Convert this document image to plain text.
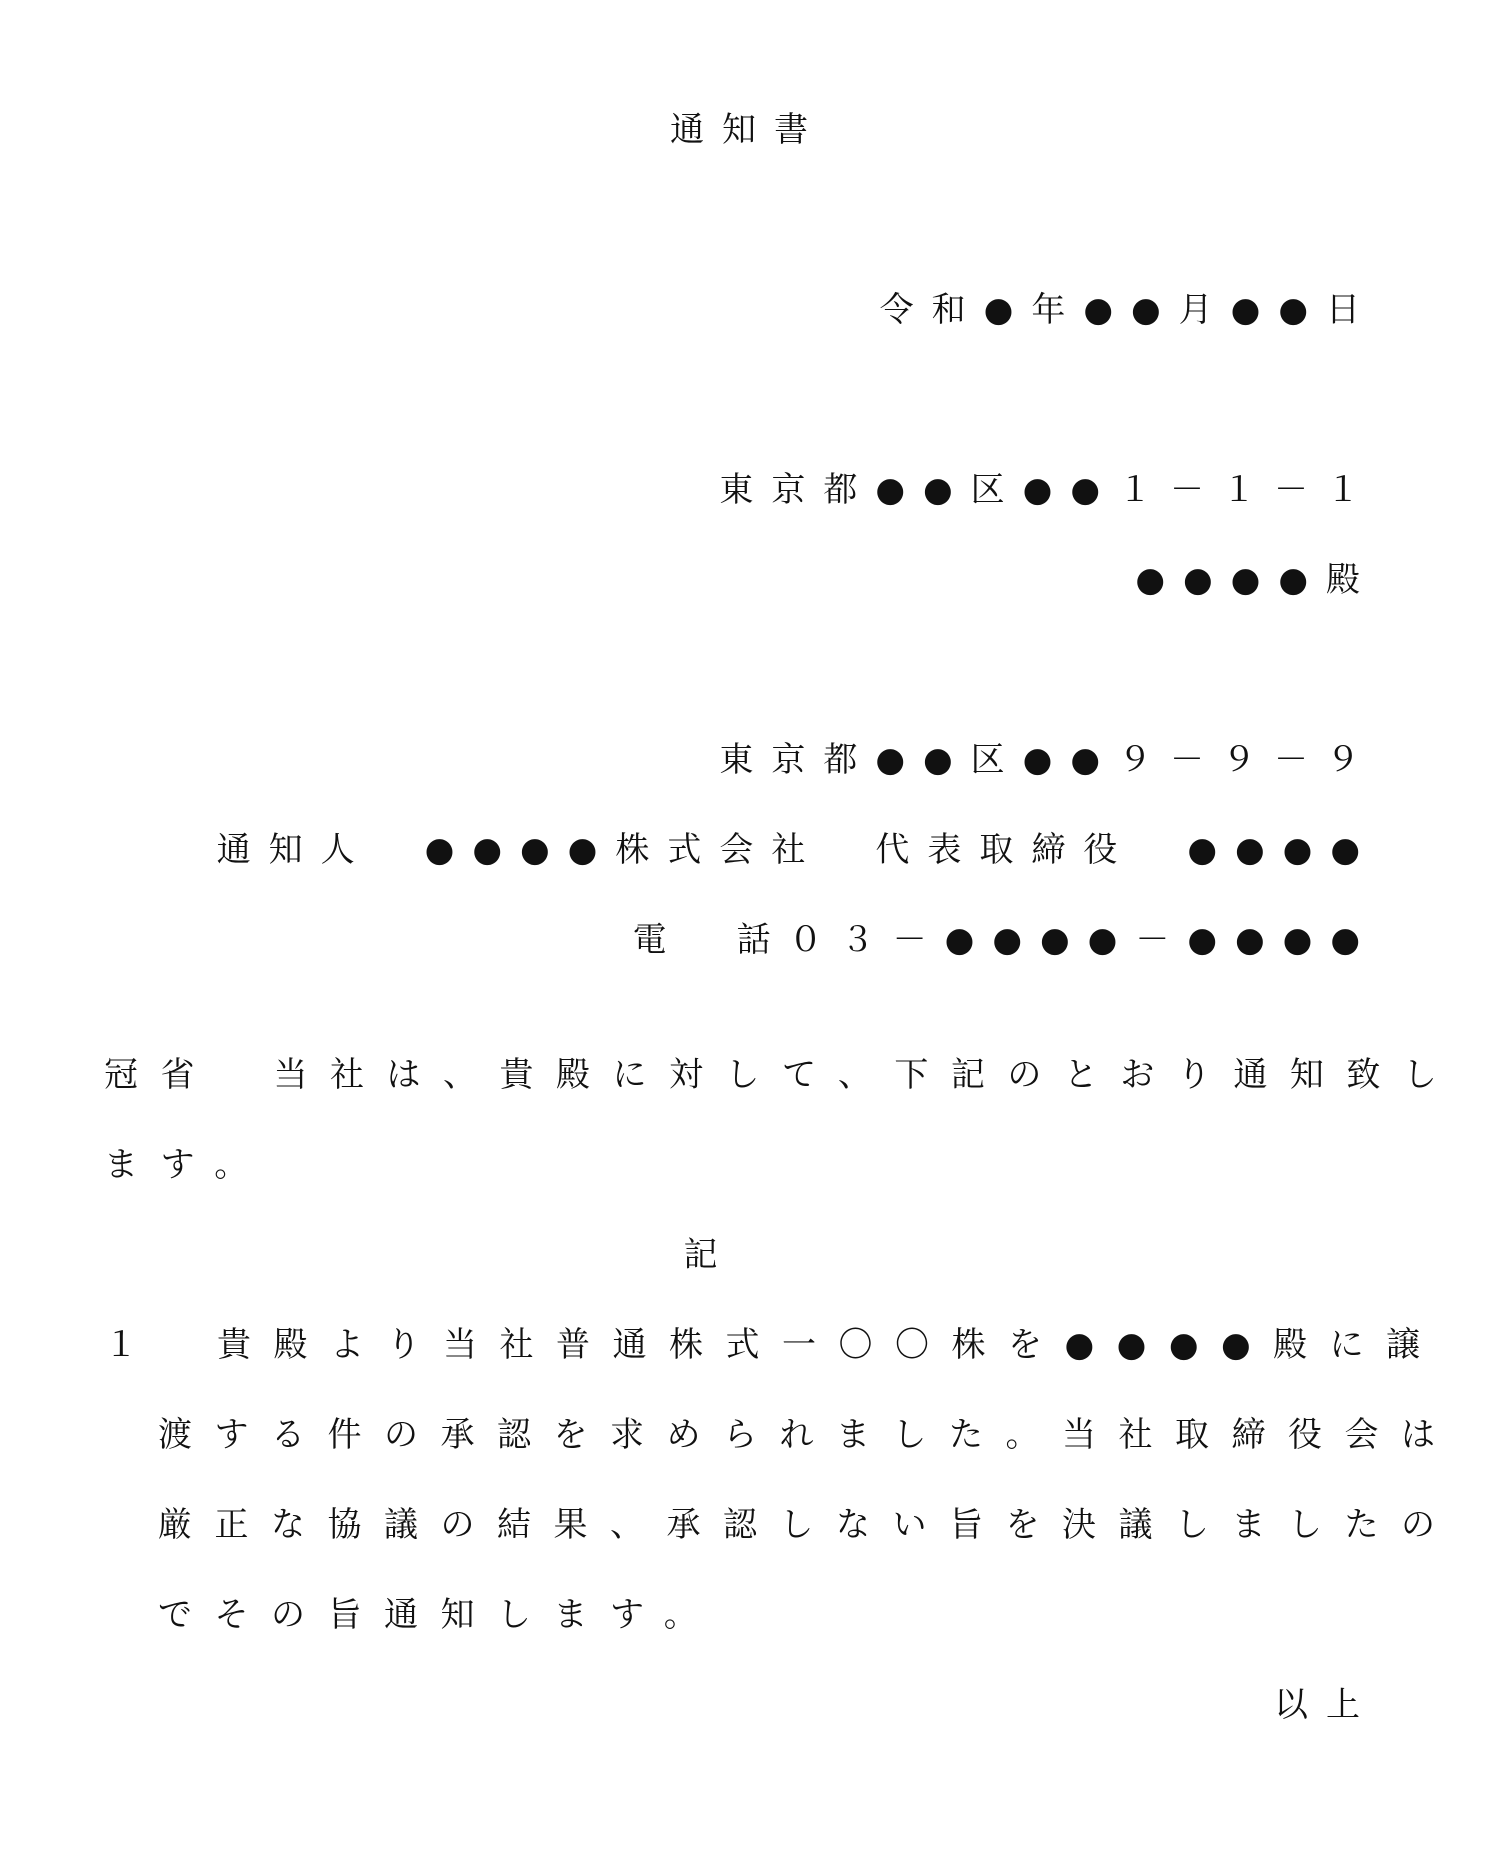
通知書
令和●年●●月●●日
東京都●●区●●１－１－１
●●●●殿
東京都●●区●●９－９－９
通知人　●●●●株式会社　代表取締役　●●●●
電　話０３－●●●●－●●●●
冠省　当社は、貴殿に対して、下記のとおり通知致し
ます。
記
１　貴殿より当社普通株式一〇〇株を●●●●殿に譲
渡する件の承認を求められました。当社取締役会は
厳正な協議の結果、承認しない旨を決議しましたの
でその旨通知します。
以上
